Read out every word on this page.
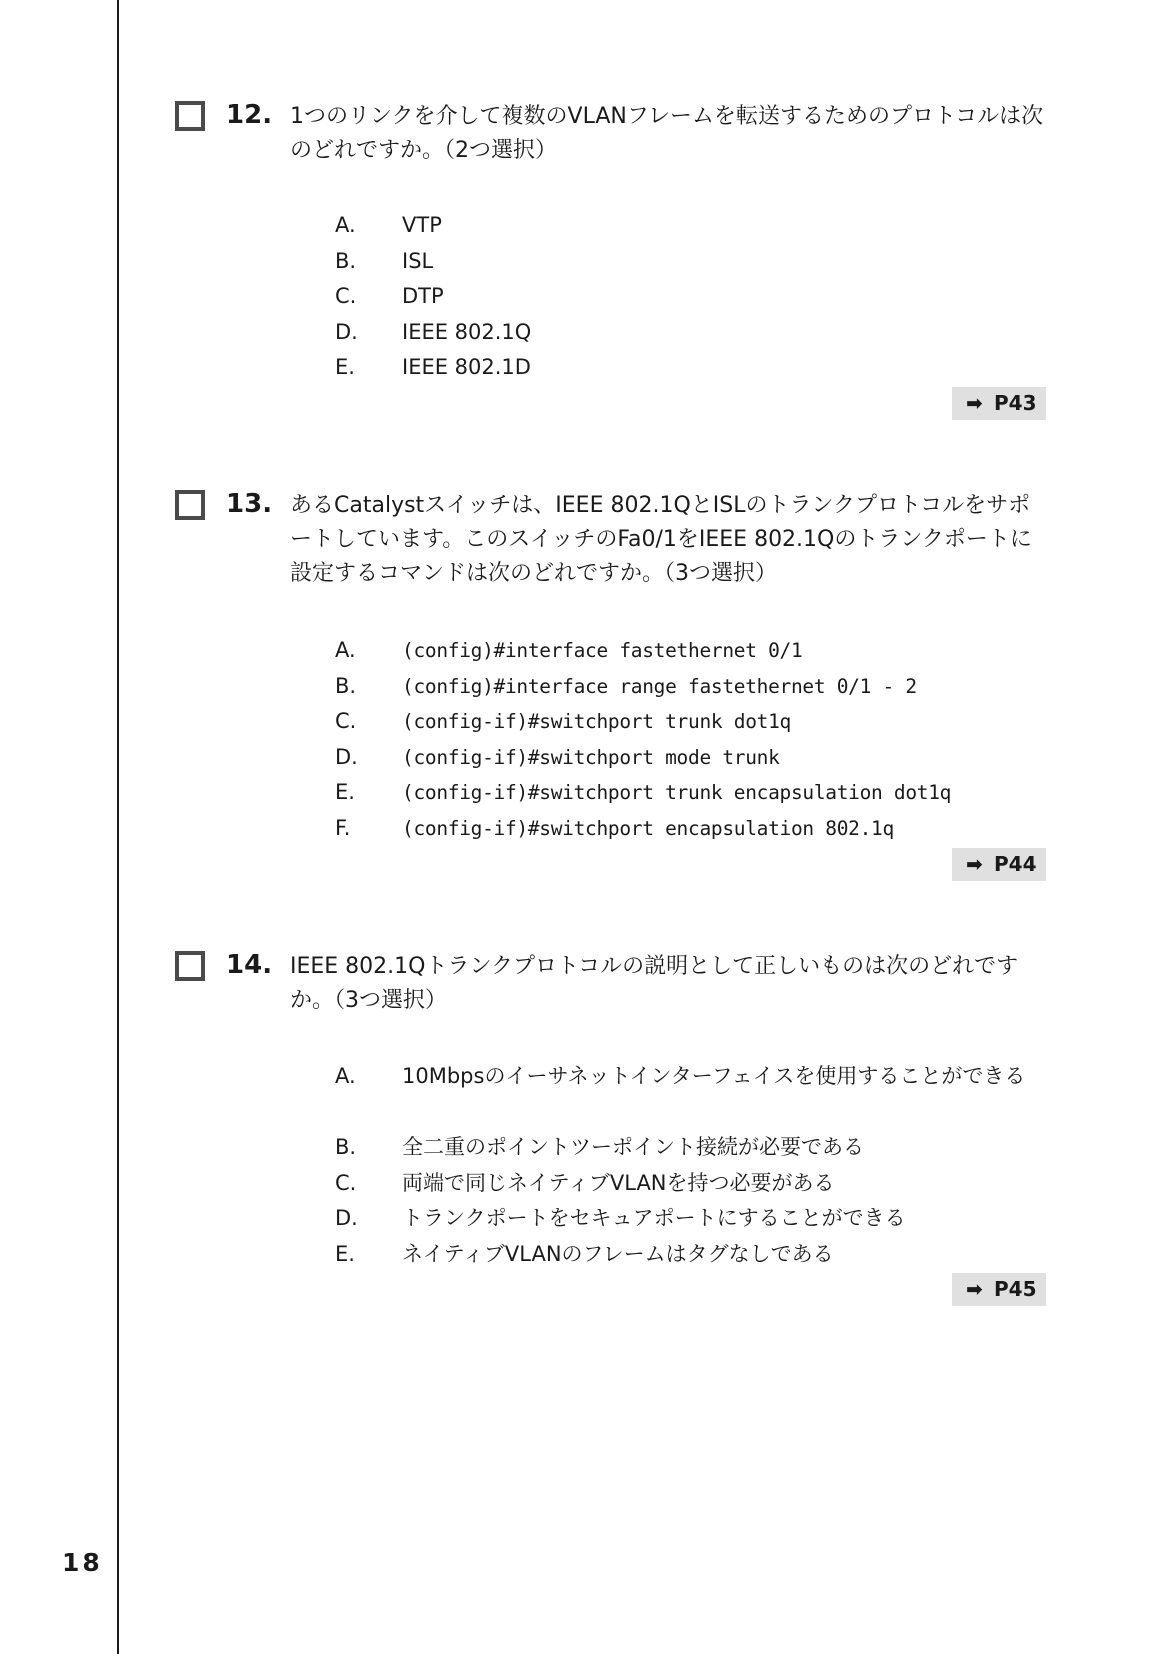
12. 1つのリンクを介して複数のVLANフレームを転送するためのプロトコルは次のどれですか。（2つ選択）
A.	VTP
B.	ISL
C.	DTP
D.	IEEE 802.1Q
E.	IEEE 802.1D
➡ P43
13. あるCatalystスイッチは、IEEE 802.1QとISLのトランクプロトコルをサポートしています。このスイッチのFa0/1をIEEE 802.1Qのトランクポートに設定するコマンドは次のどれですか。（3つ選択）
A.	(config)#interface fastethernet 0/1
B.	(config)#interface range fastethernet 0/1 - 2
C.	(config-if)#switchport trunk dot1q
D.	(config-if)#switchport mode trunk
E.	(config-if)#switchport trunk encapsulation dot1q
F.	(config-if)#switchport encapsulation 802.1q
➡ P44
14. IEEE 802.1Qトランクプロトコルの説明として正しいものは次のどれですか。（3つ選択）
A.	10Mbpsのイーサネットインターフェイスを使用することができる
B.	全二重のポイントツーポイント接続が必要である
C.	両端で同じネイティブVLANを持つ必要がある
D.	トランクポートをセキュアポートにすることができる
E.	ネイティブVLANのフレームはタグなしである
➡ P45
18
